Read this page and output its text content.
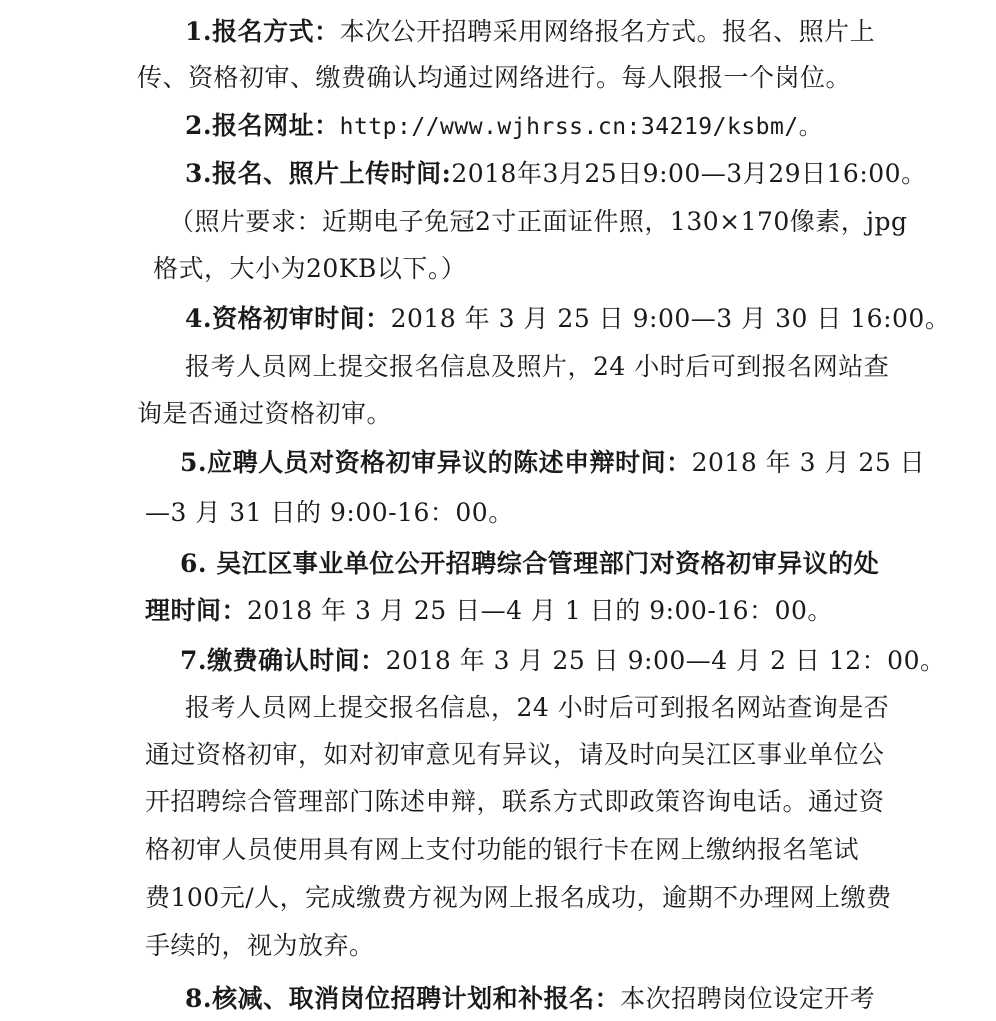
1.报名方式：本次公开招聘采用网络报名方式。报名、照片上
传、资格初审、缴费确认均通过网络进行。每人限报一个岗位。
2.报名网址：http://www.wjhrss.cn:34219/ksbm/。
3.报名、照片上传时间:2018年3月25日9:00—3月29日16:00。
（照片要求：近期电子免冠2寸正面证件照，130×170像素，jpg
格式，大小为20KB以下。）
4.资格初审时间：2018 年 3 月 25 日 9:00—3 月 30 日 16:00。
报考人员网上提交报名信息及照片，24 小时后可到报名网站查
询是否通过资格初审。
5.应聘人员对资格初审异议的陈述申辩时间：2018 年 3 月 25 日
—3 月 31 日的 9:00-16：00。
6. 吴江区事业单位公开招聘综合管理部门对资格初审异议的处
理时间：2018 年 3 月 25 日—4 月 1 日的 9:00-16：00。
7.缴费确认时间：2018 年 3 月 25 日 9:00—4 月 2 日 12：00。
报考人员网上提交报名信息，24 小时后可到报名网站查询是否
通过资格初审，如对初审意见有异议，请及时向吴江区事业单位公
开招聘综合管理部门陈述申辩，联系方式即政策咨询电话。通过资
格初审人员使用具有网上支付功能的银行卡在网上缴纳报名笔试
费100元/人，完成缴费方视为网上报名成功，逾期不办理网上缴费
手续的，视为放弃。
8.核减、取消岗位招聘计划和补报名：本次招聘岗位设定开考
